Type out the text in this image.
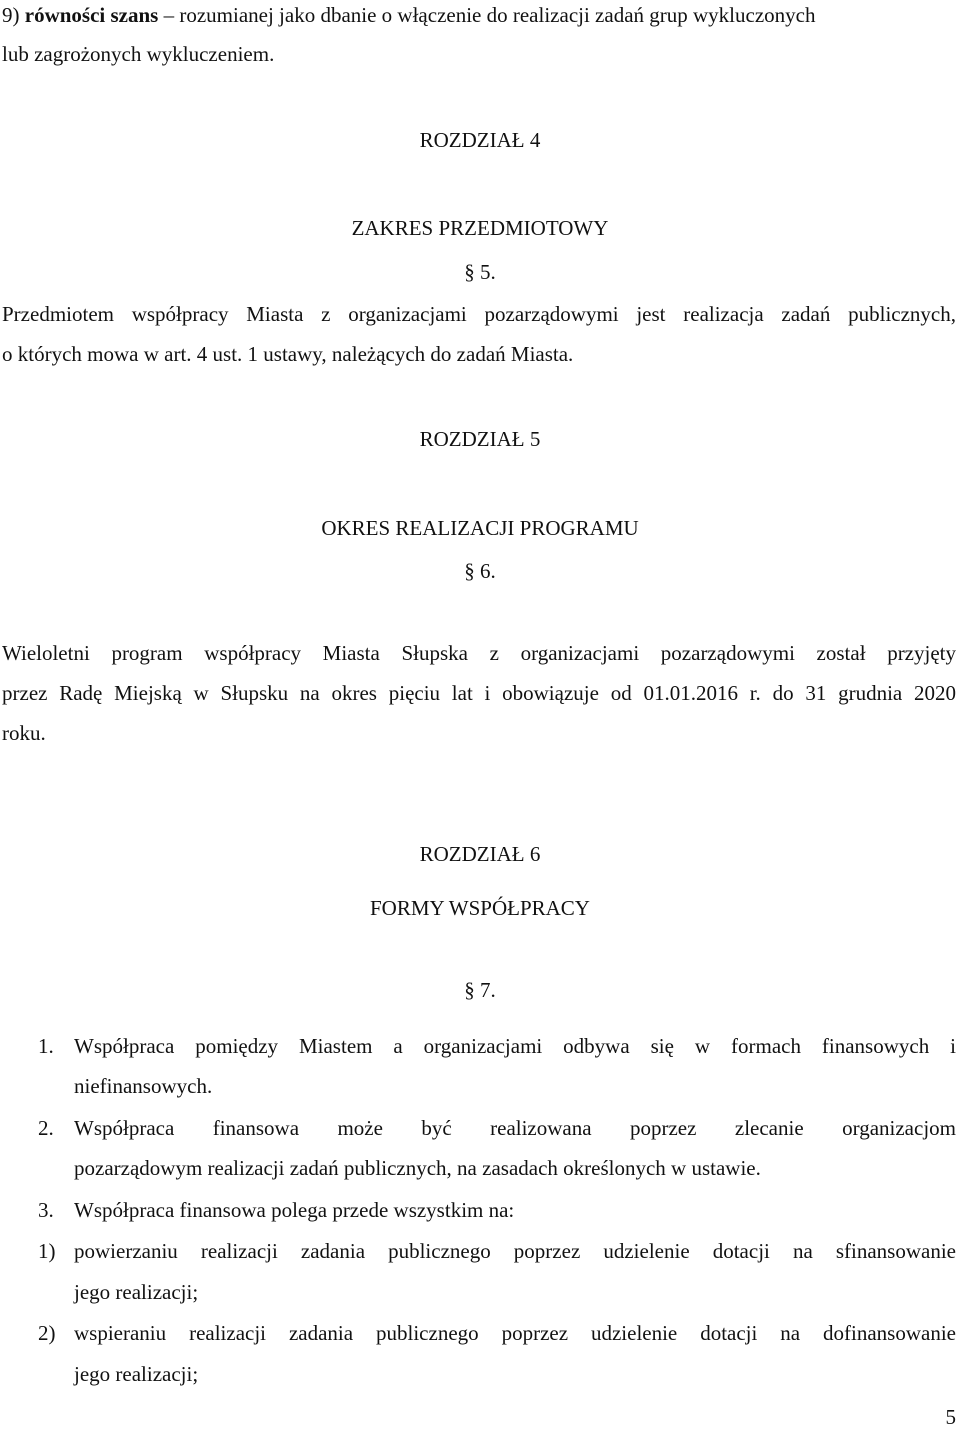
9) równości szans – rozumianej jako dbanie o włączenie do realizacji zadań grup wykluczonych
lub zagrożonych wykluczeniem.
ROZDZIAŁ 4
ZAKRES PRZEDMIOTOWY
§ 5.
Przedmiotem współpracy Miasta z organizacjami pozarządowymi jest realizacja zadań publicznych,
o których mowa w art. 4 ust. 1 ustawy, należących do zadań Miasta.
ROZDZIAŁ 5
OKRES REALIZACJI PROGRAMU
§ 6.
Wieloletni program współpracy Miasta Słupska z organizacjami pozarządowymi został przyjęty
przez Radę Miejską w Słupsku na okres pięciu lat i obowiązuje od 01.01.2016 r. do 31 grudnia 2020
roku.
ROZDZIAŁ 6
FORMY WSPÓŁPRACY
§ 7.
1. Współpraca pomiędzy Miastem a organizacjami odbywa się w formach finansowych i
niefinansowych.
2. Współpraca finansowa może być realizowana poprzez zlecanie organizacjom
pozarządowym realizacji zadań publicznych, na zasadach określonych w ustawie.
3. Współpraca finansowa polega przede wszystkim na:
1) powierzaniu realizacji zadania publicznego poprzez udzielenie dotacji na sfinansowanie
jego realizacji;
2) wspieraniu realizacji zadania publicznego poprzez udzielenie dotacji na dofinansowanie
jego realizacji;
5
